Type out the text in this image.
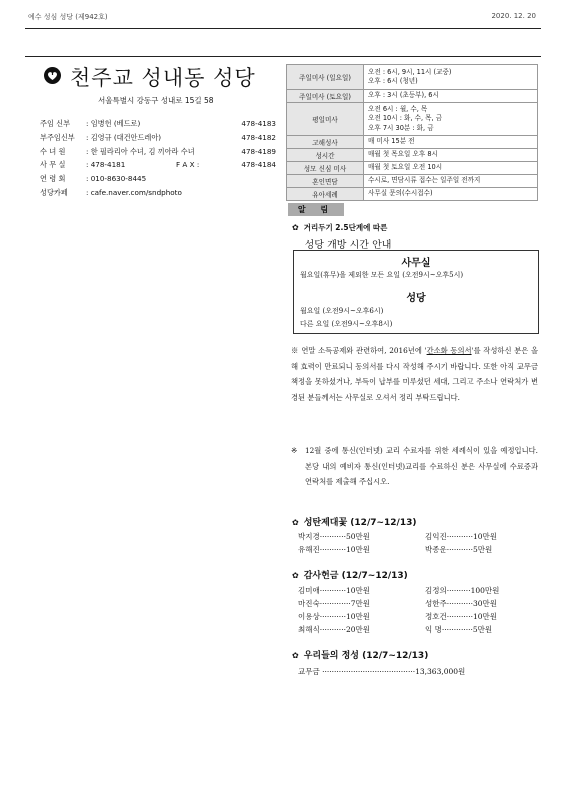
예수 성심 성당 (제942호)	2020. 12. 20
천주교 성내동 성당
서울특별시 강동구 성내로 15길 58
주임 신부	: 임병헌 (베드로)	478-4183
부주임신부	: 김영규 (대건안드레아)	478-4182
수 녀 원	: 한 필라리아 수녀, 김 끼아라 수녀	478-4189
사 무 실	: 478-4181	F A X :	478-4184
연 령 회	: 010-8630-8445
성당카페	: cafe.naver.com/sndphoto
주일미사 (일요일)	오전 : 6시, 9시, 11시 (교중)
오후 : 6시 (청년)

주일미사 (토요일)	오후 : 3시 (초등부), 6시
평일미사	오전 6시 : 월, 수, 목
오전 10시 : 화, 수, 목, 금
오후 7시 30분 : 화, 금

고해성사	매 미사 15분 전
성시간	매월 첫 목요일 오후 8시
성모 신심 미사	매월 첫 토요일 오전 10시
혼인면담	수시로, 면담시류 접수는 일주일 전까지
유아세례	사무실 문의(수시접수)
알 림
✿ 거리두기 2.5단계에 따른
성당 개방 시간 안내
사무실
월요일(휴무)을 제외한 모든 요일 (오전9시~오후5시)
성당
월요일 (오전9시~오후6시)
다른 요일 (오전9시~오후8시)
※ 연말 소득공제와 관련하여, 2016년에 '간소화 동의서'를 작성하신 분은 올해 효력이 만료되니 동의서를 다시 작성해 주시기 바랍니다. 또한 아직 교무금 책정을 못하셨거나, 부득이 납부를 미루셨던 세대, 그리고 주소나 연락처가 변경된 분들께서는 사무실로 오셔서 정리 부탁드립니다.
※	12월 중에 통신(인터넷) 교리 수료자를 위한 세례식이 있을 예정입니다. 본당 내의 예비자 통신(인터넷)교리를 수료하신 분은 사무실에 수료증과 연락처를 제출해 주십시오.
✿ 성탄제대꽃 (12/7~12/13)
박지경···········50만원	김익진···········10만원
유해진···········10만원	박종운···········5만원
✿ 감사헌금 (12/7~12/13)
김미애···········10만원	김정의··········100만원
마진숙·············7만원	성한주···········30만원
이용상···········10만원	정호건···········10만원
최해식···········20만원	익 명·············5만원
✿ 우리들의 정성 (12/7~12/13)
교무금 ·······································13,363,000원
